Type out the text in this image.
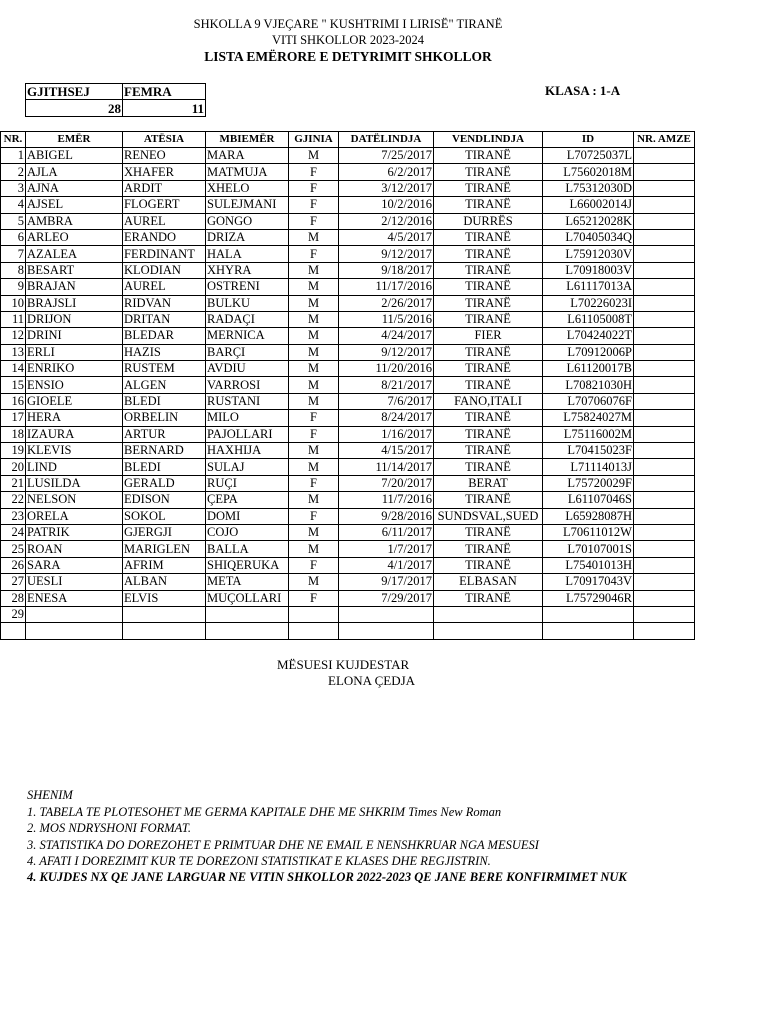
SHKOLLA 9 VJEÇARE " KUSHTRIMI I LIRISË" TIRANË
VITI SHKOLLOR 2023-2024
LISTA EMËRORE E DETYRIMIT SHKOLLOR
GJITHSEJ	FEMRA
28	11
KLASA : 1-A
NR.	EMËR	ATËSIA	MBIEMËR	GJINIA	DATËLINDJA	VENDLINDJA	ID	NR. AMZE
1	ABIGEL	RENEO	MARA	M	7/25/2017	TIRANË	L70725037L	
2	AJLA	XHAFER	MATMUJA	F	6/2/2017	TIRANË	L75602018M	
3	AJNA	ARDIT	XHELO	F	3/12/2017	TIRANË	L75312030D	
4	AJSEL	FLOGERT	SULEJMANI	F	10/2/2016	TIRANË	L66002014J	
5	AMBRA	AUREL	GONGO	F	2/12/2016	DURRËS	L65212028K	
6	ARLEO	ERANDO	DRIZA	M	4/5/2017	TIRANË	L70405034Q	
7	AZALEA	FERDINANT	HALA	F	9/12/2017	TIRANË	L75912030V	
8	BESART	KLODIAN	XHYRA	M	9/18/2017	TIRANË	L70918003V	
9	BRAJAN	AUREL	OSTRENI	M	11/17/2016	TIRANË	L61117013A	
10	BRAJSLI	RIDVAN	BULKU	M	2/26/2017	TIRANË	L70226023I	
11	DRIJON	DRITAN	RADAÇI	M	11/5/2016	TIRANË	L61105008T	
12	DRINI	BLEDAR	MERNICA	M	4/24/2017	FIER	L70424022T	
13	ERLI	HAZIS	BARÇI	M	9/12/2017	TIRANË	L70912006P	
14	ENRIKO	RUSTEM	AVDIU	M	11/20/2016	TIRANË	L61120017B	
15	ENSIO	ALGEN	VARROSI	M	8/21/2017	TIRANË	L70821030H	
16	GIOELE	BLEDI	RUSTANI	M	7/6/2017	FANO,ITALI	L70706076F	
17	HERA	ORBELIN	MILO	F	8/24/2017	TIRANË	L75824027M	
18	IZAURA	ARTUR	PAJOLLARI	F	1/16/2017	TIRANË	L75116002M	
19	KLEVIS	BERNARD	HAXHIJA	M	4/15/2017	TIRANË	L70415023F	
20	LIND	BLEDI	SULAJ	M	11/14/2017	TIRANË	L71114013J	
21	LUSILDA	GERALD	RUÇI	F	7/20/2017	BERAT	L75720029F	
22	NELSON	EDISON	ÇEPA	M	11/7/2016	TIRANË	L61107046S	
23	ORELA	SOKOL	DOMI	F	9/28/2016	SUNDSVAL,SUED	L65928087H	
24	PATRIK	GJERGJI	COJO	M	6/11/2017	TIRANË	L70611012W	
25	ROAN	MARIGLEN	BALLA	M	1/7/2017	TIRANË	L70107001S	
26	SARA	AFRIM	SHIQERUKA	F	4/1/2017	TIRANË	L75401013H	
27	UESLI	ALBAN	META	M	9/17/2017	ELBASAN	L70917043V	
28	ENESA	ELVIS	MUÇOLLARI	F	7/29/2017	TIRANË	L75729046R	
29								

MËSUESI KUJDESTAR
ELONA ÇEDJA
SHENIM
1. TABELA TE PLOTESOHET ME GERMA KAPITALE DHE ME SHKRIM Times New Roman
2. MOS NDRYSHONI FORMAT.
3. STATISTIKA DO DOREZOHET E PRIMTUAR DHE NE EMAIL E NENSHKRUAR NGA MESUESI
4. AFATI I DOREZIMIT KUR TE DOREZONI STATISTIKAT E KLASES DHE REGJISTRIN.
4. KUJDES NX QE JANE LARGUAR NE VITIN SHKOLLOR 2022-2023 QE JANE BERE KONFIRMIMET NUK
